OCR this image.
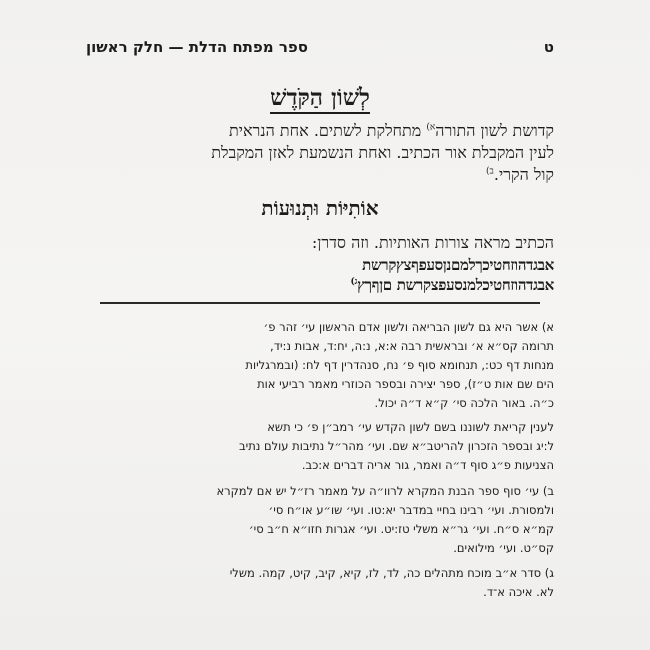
ספר מפתח הדלת — חלק ראשון	ט
לְשׁוֹן הַקֹּדֶשׁ
קדושת לשון התורה$^{א)}$ מתחלקת לשתים. אחת הנראית
לעין המקבלת אור הכתיב. ואחת הנשמעת לאזן המקבלת
קול הקרי.$^{ב)}$
אוֹתִיּוֹת וּתְנוּעוֹת
הכתיב מראה צורות האותיות. וזה סדרן:
אבגדהוזחטיכךלמםנןסעפףצץקרשת
אבגדהוזחטיכלמנסעפצקרשת םןףךץ$^{ג)}$
א) אשר היא גם לשון הבריאה ולשון אדם הראשון עי׳ זהר פ׳
תרומה קס״א א׳ ובראשית רבה א:א, נ:ה, יח:ד, אבות נ:יד,
מנחות דף כט:, תנחומא סוף פ׳ נח, סנהדרין דף לח: (ובמרגליות
הים שם אות ט״ז), ספר יצירה ובספר הכוזרי מאמר רביעי אות
כ״ה. באור הלכה סי׳ ק״א ד״ה יכול.
לענין קריאת לשוננו בשם לשון הקדש עי׳ רמב״ן פ׳ כי תשא
ל:יג ובספר הזכרון להריטב״א שם. ועי׳ מהר״ל נתיבות עולם נתיב
הצניעות פ״ג סוף ד״ה ואמר, גור אריה דברים א:כב.
ב) עי׳ סוף ספר הבנת המקרא לרוו״ה על מאמר רז״ל יש אם למקרא
ולמסורת. ועי׳ רבינו בחיי במדבר יא:טו. ועי׳ שו״ע או״ח סי׳
קמ״א ס״ח. ועי׳ גר״א משלי טז:יט. ועי׳ אגרות חזו״א ח״ב סי׳
קס״ט. ועי׳ מילואים.
ג) סדר א״ב מוכח מתהלים כה, לד, לז, קיא, קיב, קיט, קמה. משלי
לא. איכה א־ד.
